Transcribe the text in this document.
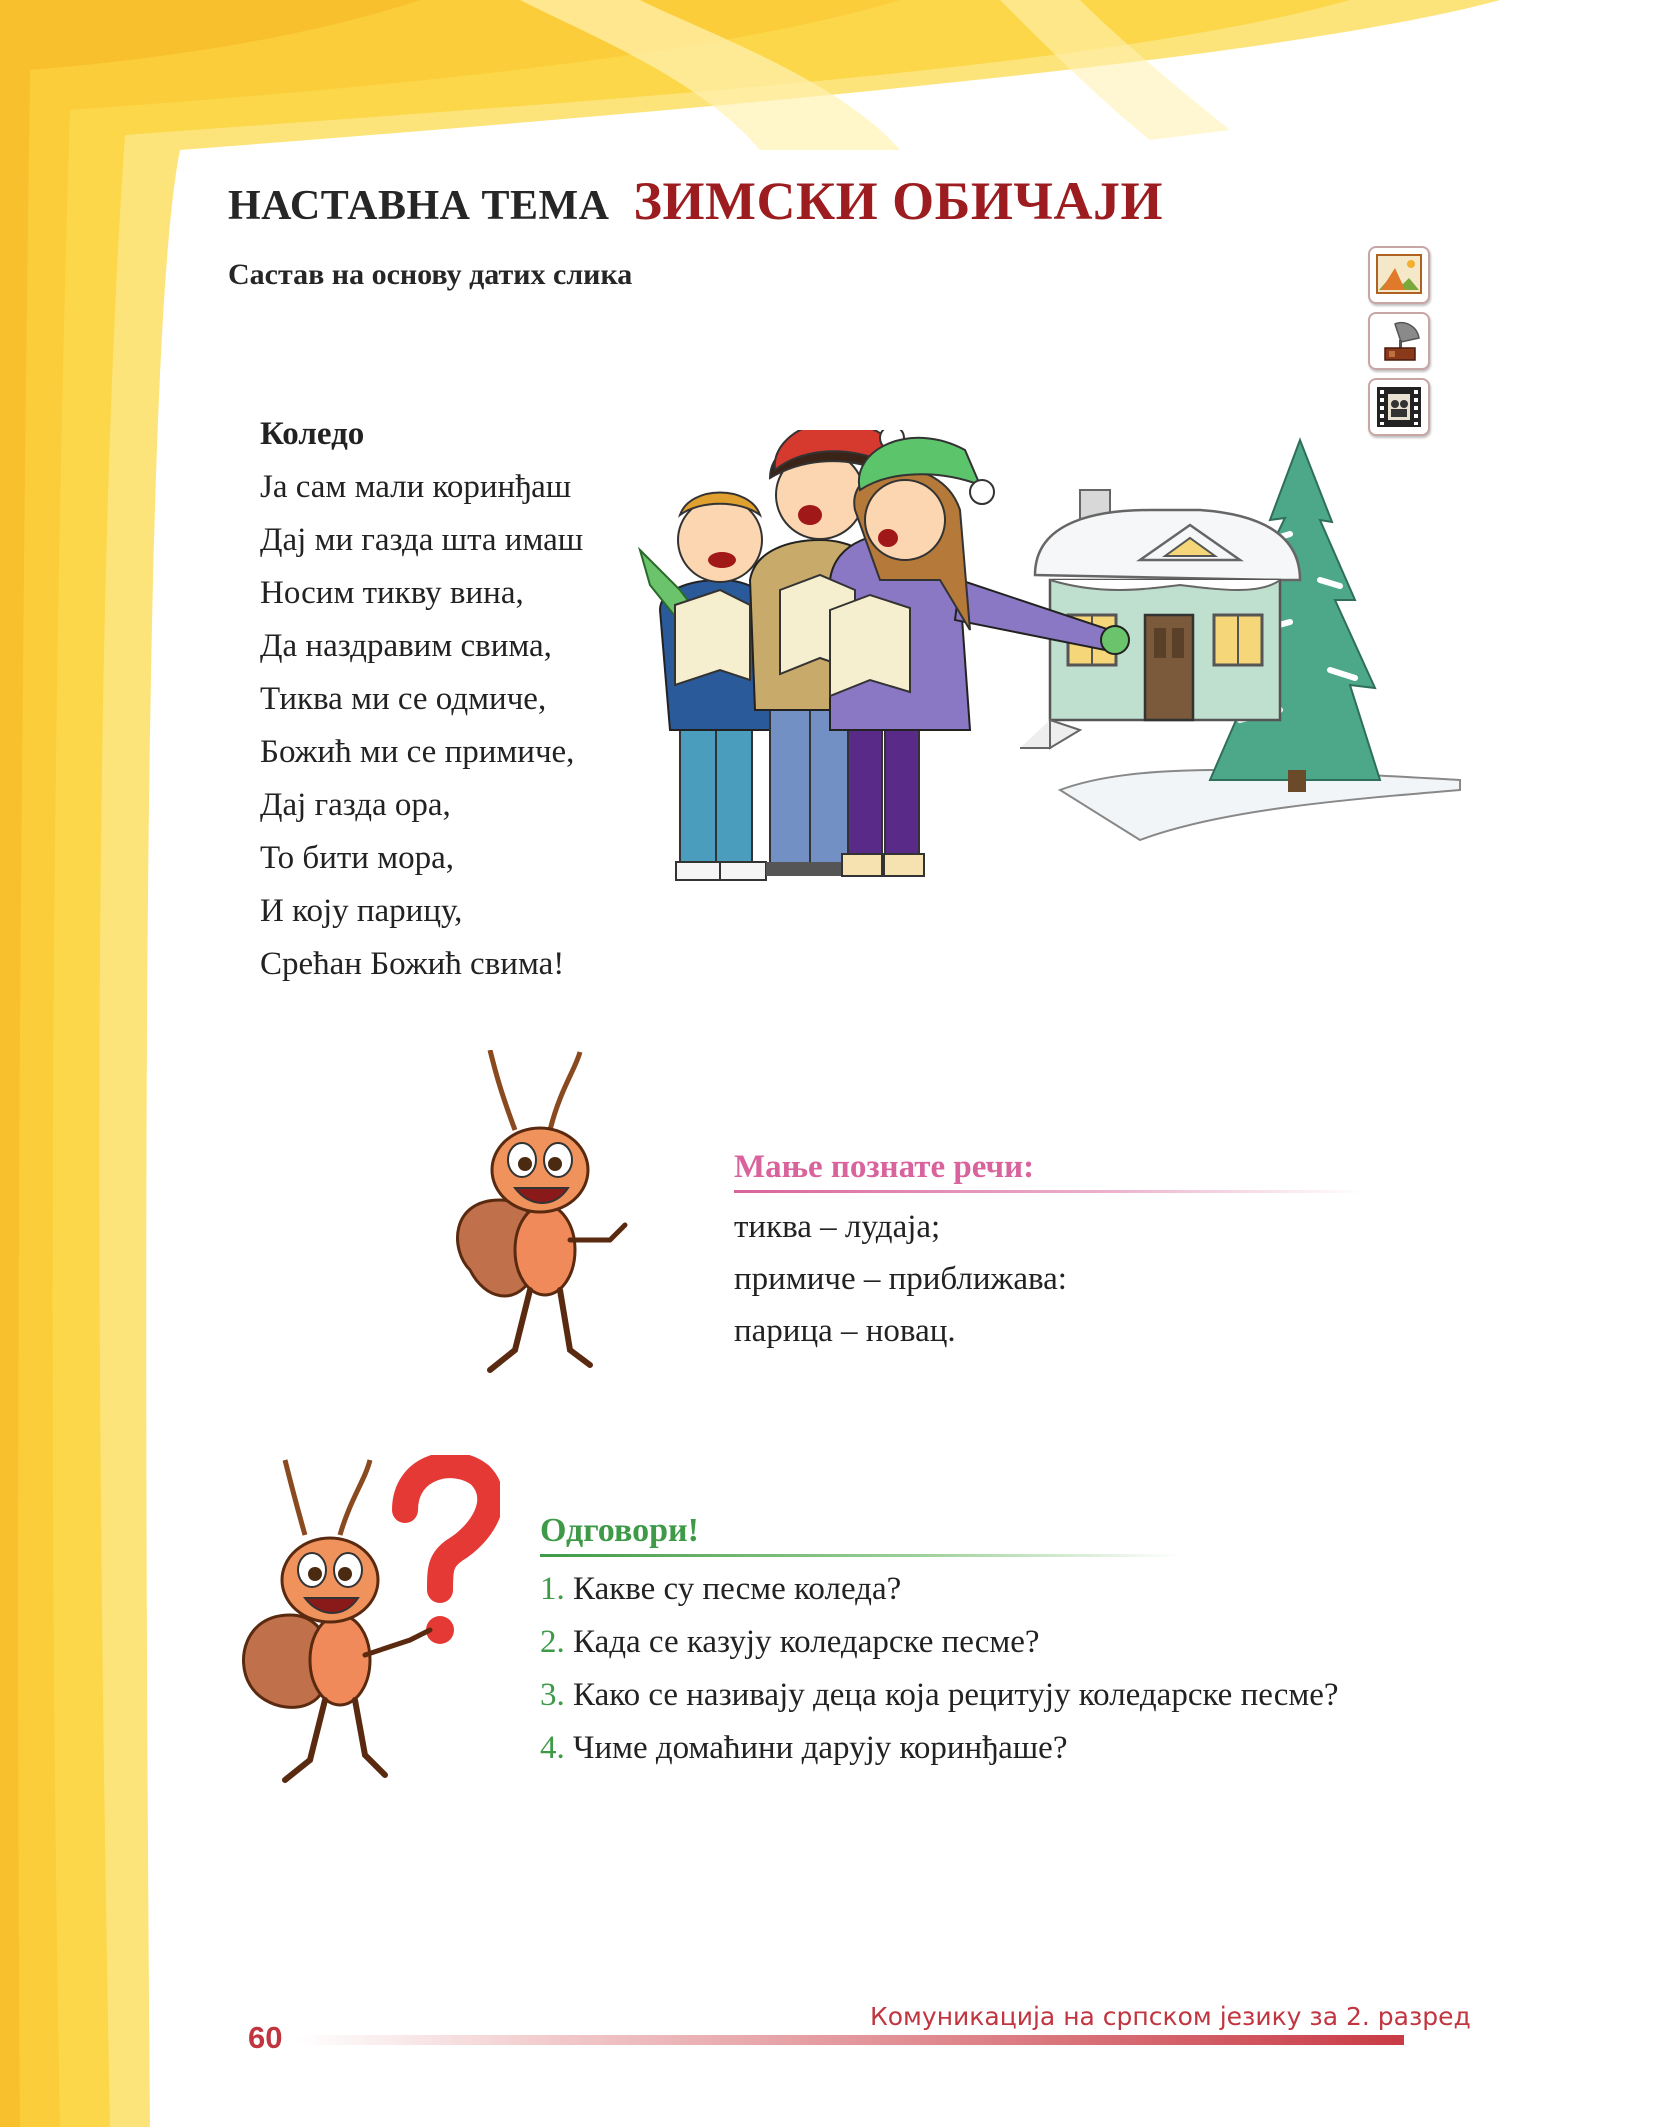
НАСТАВНА ТЕМА ЗИМСКИ ОБИЧАЈИ
Састав на основу датих слика
Коледо
Ја сам мали коринђаш
Дај ми газда шта имаш
Носим тикву вина,
Да наздравим свима,
Тиква ми се одмиче,
Божић ми се примиче,
Дај газда ора,
То бити мора,
И коју парицу,
Срећан Божић свима!
Мање познате речи:
тиква – лудаја;
примиче – приближава:
парица – новац.
Одговори!
1. Какве су песме коледа?
2. Када се казују коледарске песме?
3. Како се називају деца која рецитују коледарске песме?
4. Чиме домаћини дарују коринђаше?
Комуникација на српском језику за 2. разред
60
